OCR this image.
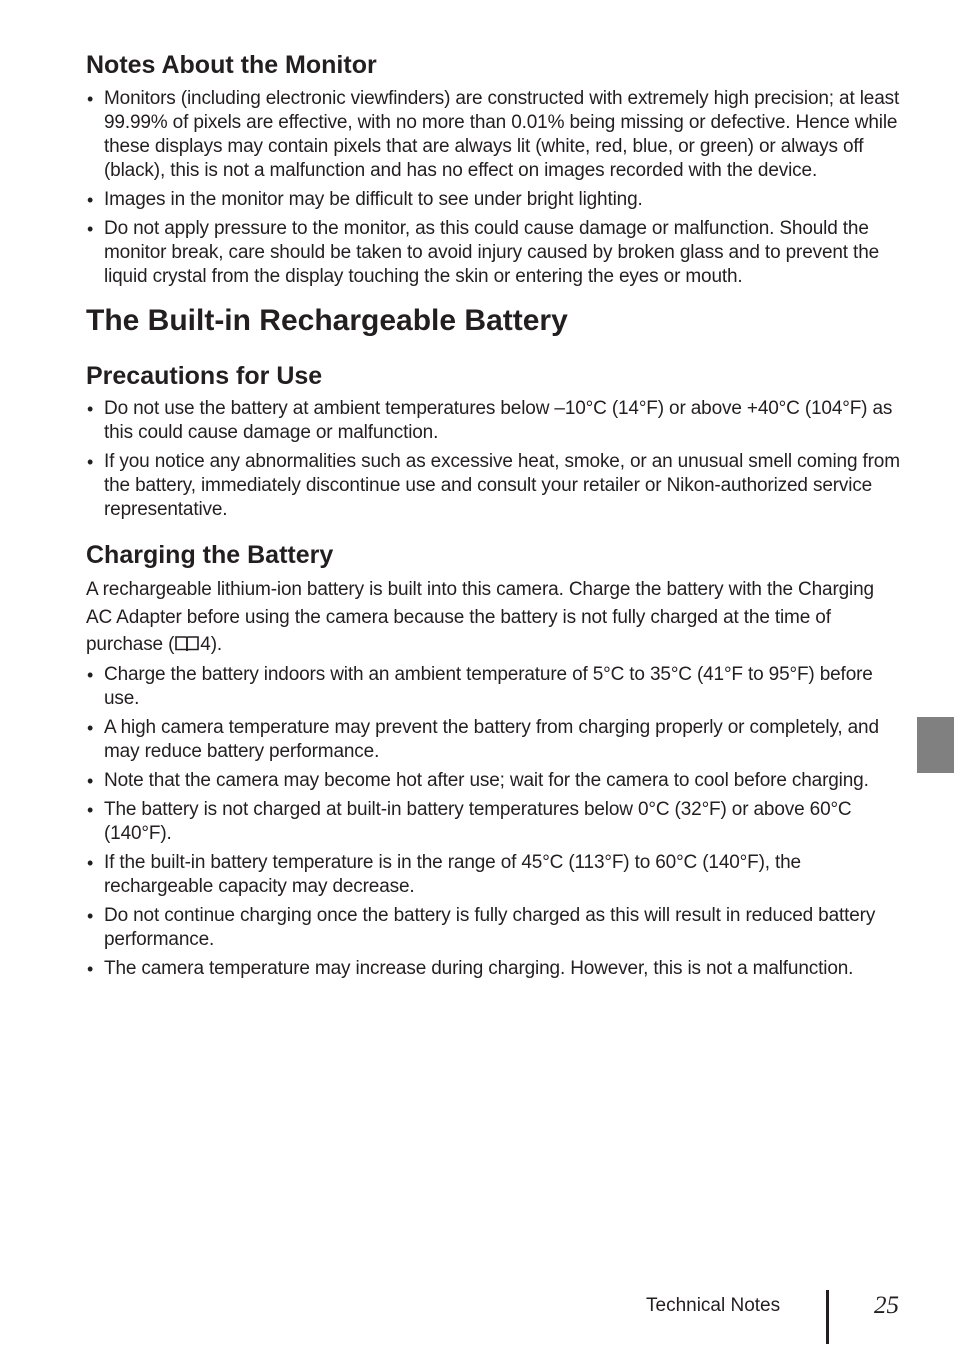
Notes About the Monitor
• Monitors (including electronic viewfinders) are constructed with extremely high precision; at least 99.99% of pixels are effective, with no more than 0.01% being missing or defective. Hence while these displays may contain pixels that are always lit (white, red, blue, or green) or always off (black), this is not a malfunction and has no effect on images recorded with the device.
• Images in the monitor may be difficult to see under bright lighting.
• Do not apply pressure to the monitor, as this could cause damage or malfunction. Should the monitor break, care should be taken to avoid injury caused by broken glass and to prevent the liquid crystal from the display touching the skin or entering the eyes or mouth.
The Built-in Rechargeable Battery
Precautions for Use
• Do not use the battery at ambient temperatures below –10°C (14°F) or above +40°C (104°F) as this could cause damage or malfunction.
• If you notice any abnormalities such as excessive heat, smoke, or an unusual smell coming from the battery, immediately discontinue use and consult your retailer or Nikon-authorized service representative.
Charging the Battery

A rechargeable lithium-ion battery is built into this camera. Charge the battery with the Charging AC Adapter before using the camera because the battery is not fully charged at the time of purchase ( 4).

• Charge the battery indoors with an ambient temperature of 5°C to 35°C (41°F to 95°F) before use.
• A high camera temperature may prevent the battery from charging properly or completely, and may reduce battery performance.
• Note that the camera may become hot after use; wait for the camera to cool before charging.
• The battery is not charged at built-in battery temperatures below 0°C (32°F) or above 60°C (140°F).
• If the built-in battery temperature is in the range of 45°C (113°F) to 60°C (140°F), the rechargeable capacity may decrease.
• Do not continue charging once the battery is fully charged as this will result in reduced battery performance.
• The camera temperature may increase during charging. However, this is not a malfunction.
Technical Notes	25
